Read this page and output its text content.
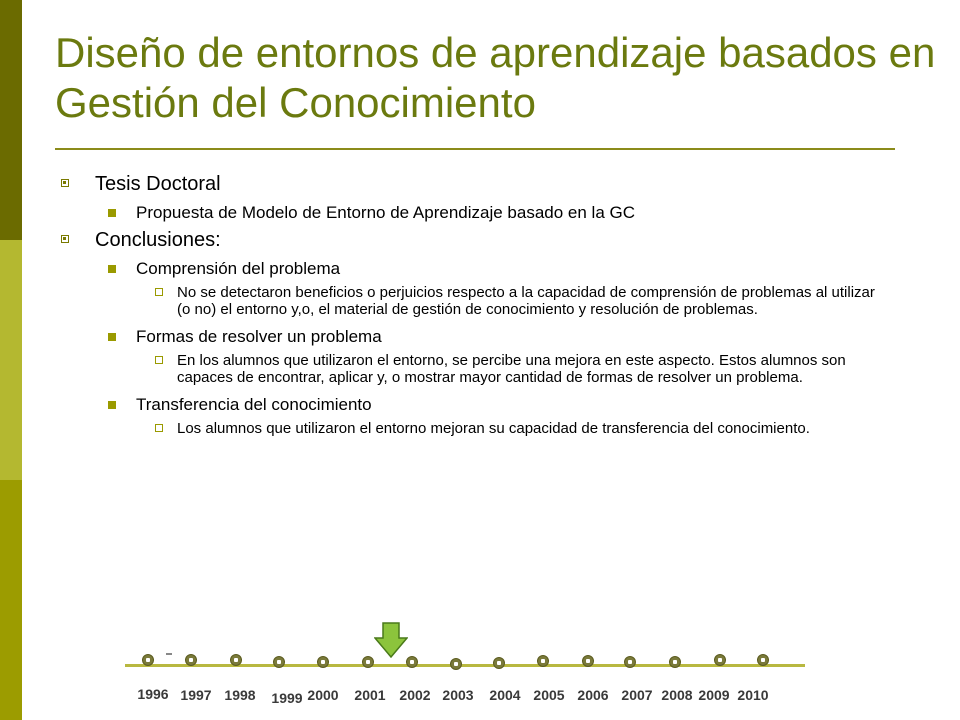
Diseño de entornos de aprendizaje basados en Gestión del Conocimiento
Tesis Doctoral
Propuesta de Modelo de Entorno de Aprendizaje basado en la GC
Conclusiones:
Comprensión del problema
No se detectaron beneficios o perjuicios respecto a la capacidad de comprensión de problemas al utilizar (o no) el entorno y,o, el material de gestión de conocimiento y resolución de problemas.
Formas de resolver un problema
En los alumnos que utilizaron el entorno, se percibe una mejora en este aspecto. Estos alumnos son capaces de encontrar, aplicar y, o mostrar mayor cantidad de formas de resolver un problema.
Transferencia del conocimiento
Los alumnos que utilizaron el entorno mejoran su capacidad de transferencia del conocimiento.
1996 1997 1998	1999 2000	2001 2002 2003	2004 2005 2006 2007 2008 2009 2010
